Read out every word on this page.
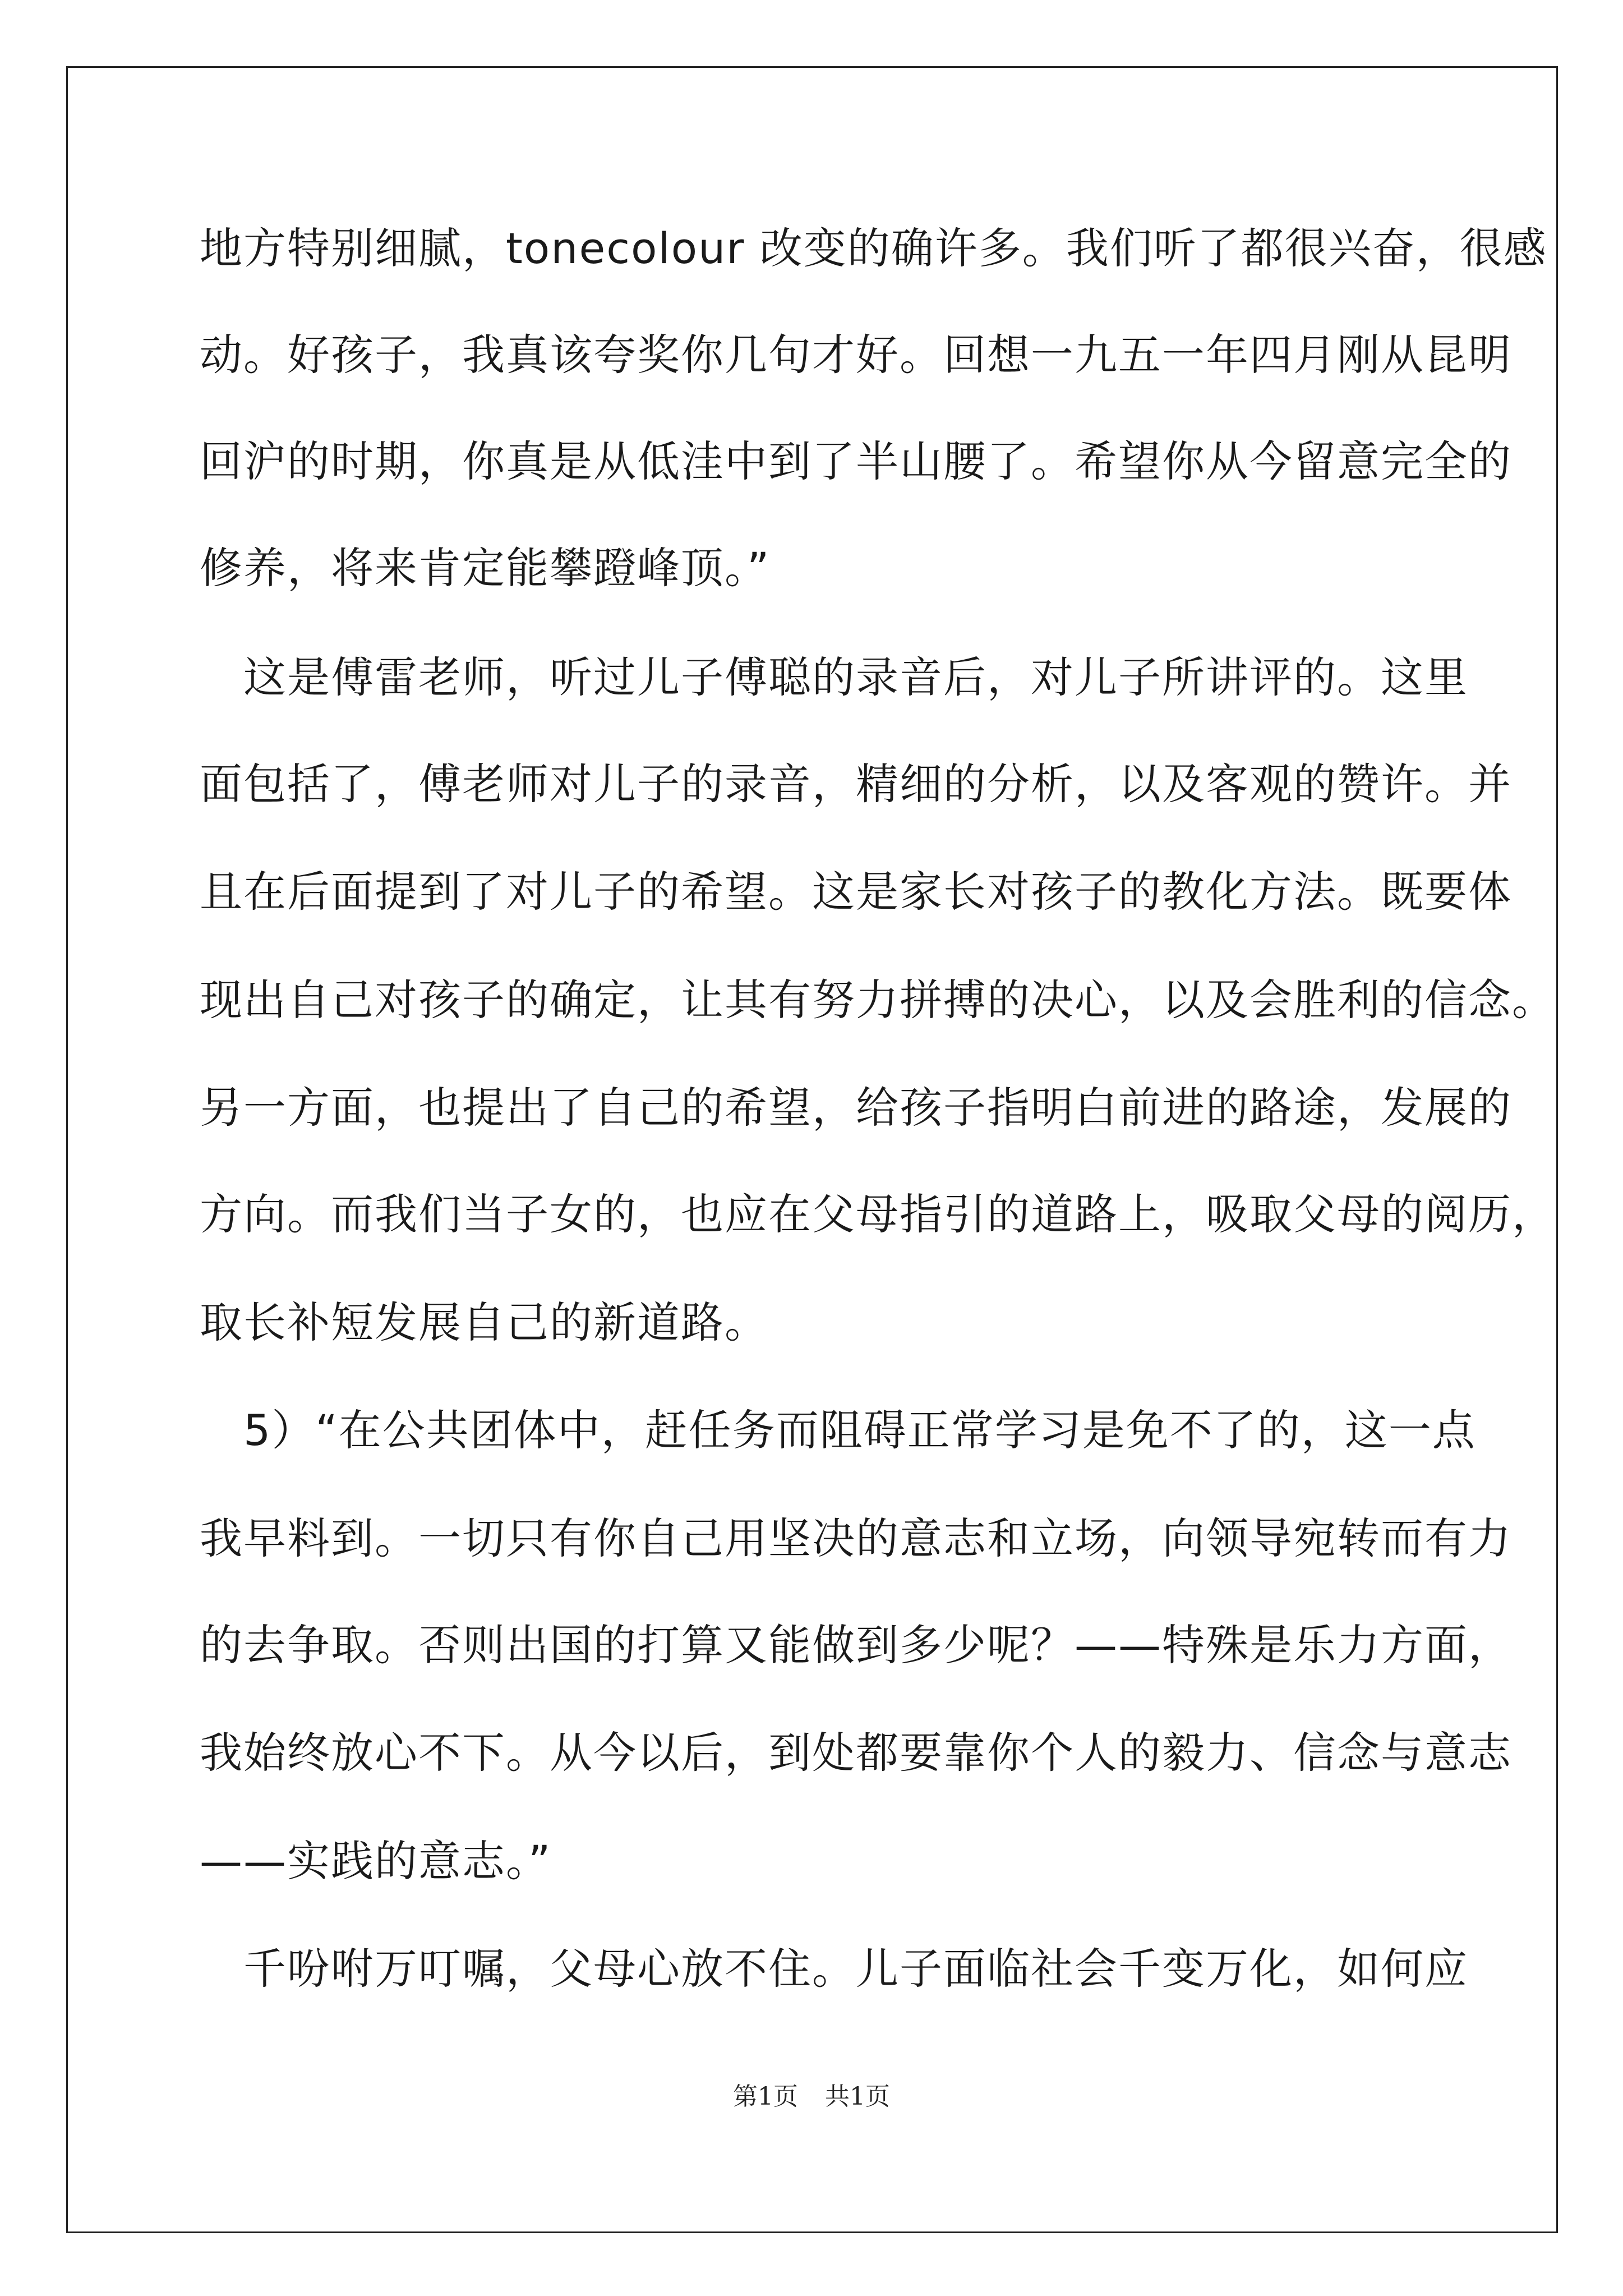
地方特别细腻，tonecolour 改变的确许多。我们听了都很兴奋，很感

动。好孩子，我真该夸奖你几句才好。回想一九五一年四月刚从昆明

回沪的时期，你真是从低洼中到了半山腰了。希望你从今留意完全的

修养，将来肯定能攀蹬峰顶。”

　这是傅雷老师，听过儿子傅聪的录音后，对儿子所讲评的。这里

面包括了，傅老师对儿子的录音，精细的分析，以及客观的赞许。并

且在后面提到了对儿子的希望。这是家长对孩子的教化方法。既要体

现出自己对孩子的确定，让其有努力拼搏的决心，以及会胜利的信念。

另一方面，也提出了自己的希望，给孩子指明白前进的路途，发展的

方向。而我们当子女的，也应在父母指引的道路上，吸取父母的阅历，

取长补短发展自己的新道路。

　5）“在公共团体中，赶任务而阻碍正常学习是免不了的，这一点

我早料到。一切只有你自己用坚决的意志和立场，向领导宛转而有力

的去争取。否则出国的打算又能做到多少呢？——特殊是乐力方面，

我始终放心不下。从今以后，到处都要靠你个人的毅力、信念与意志

——实践的意志。”

　千吩咐万叮嘱，父母心放不住。儿子面临社会千变万化，如何应

第1页 共1页
